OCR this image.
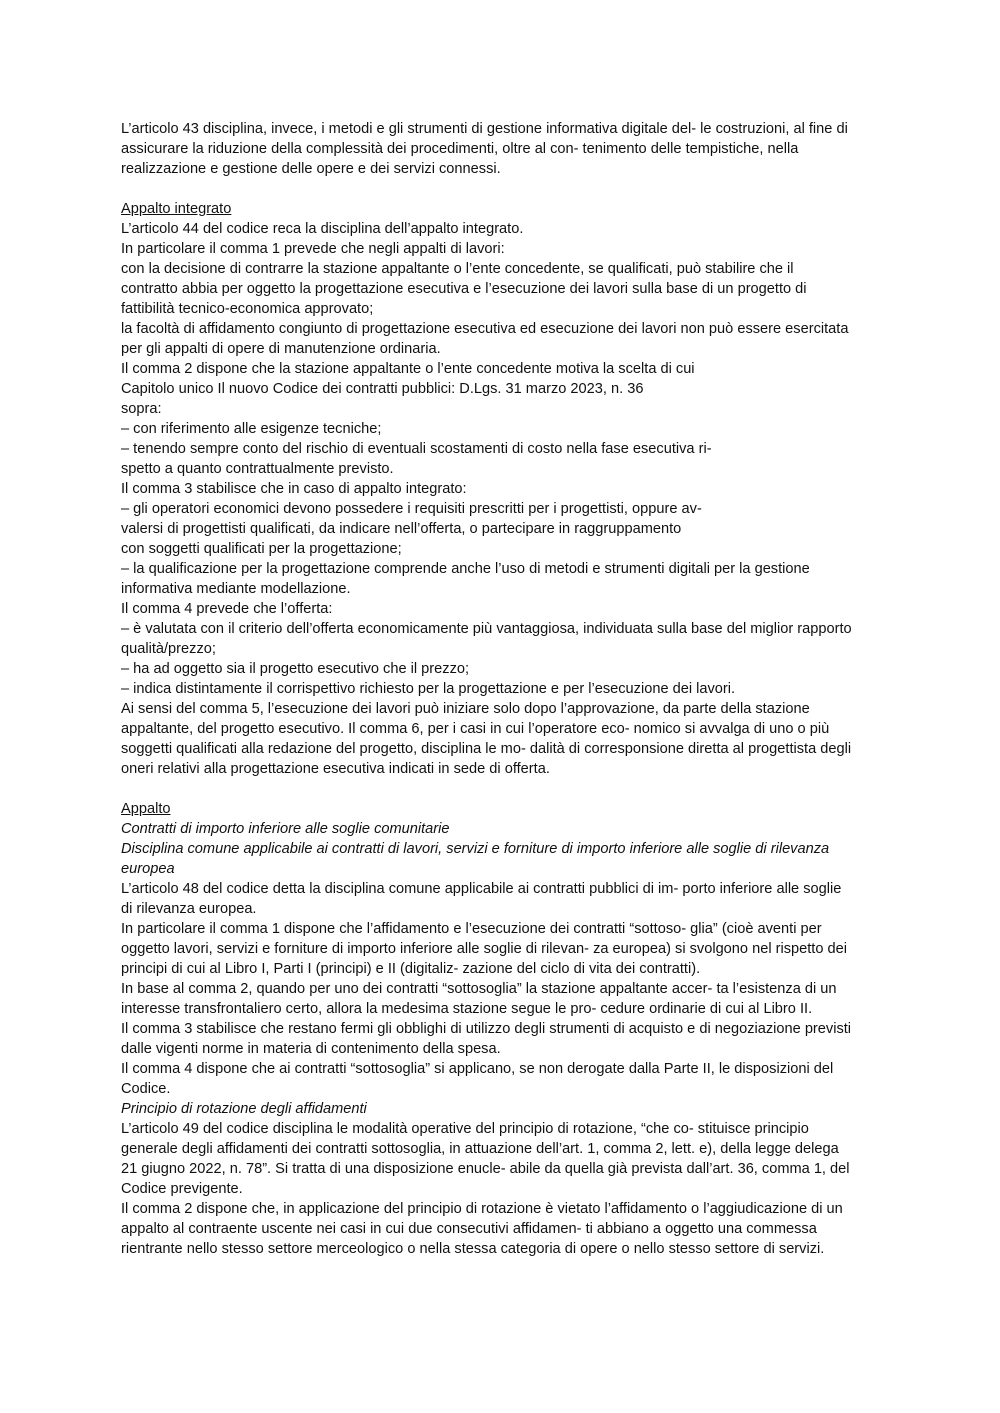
L’articolo 43 disciplina, invece, i metodi e gli strumenti di gestione informativa digitale del- le costruzioni, al fine di
assicurare la riduzione della complessità dei procedimenti, oltre al con- tenimento delle tempistiche, nella
realizzazione e gestione delle opere e dei servizi connessi.
Appalto integrato
L’articolo 44 del codice reca la disciplina dell’appalto integrato.
In particolare il comma 1 prevede che negli appalti di lavori:
con la decisione di contrarre la stazione appaltante o l’ente concedente, se qualificati, può stabilire che il
contratto abbia per oggetto la progettazione esecutiva e l’esecuzione dei lavori sulla base di un progetto di
fattibilità tecnico-economica approvato;
la facoltà di affidamento congiunto di progettazione esecutiva ed esecuzione dei lavori non può essere esercitata
per gli appalti di opere di manutenzione ordinaria.
Il comma 2 dispone che la stazione appaltante o l’ente concedente motiva la scelta di cui
Capitolo unico Il nuovo Codice dei contratti pubblici: D.Lgs. 31 marzo 2023, n. 36
sopra:
– con riferimento alle esigenze tecniche;
– tenendo sempre conto del rischio di eventuali scostamenti di costo nella fase esecutiva ri-
spetto a quanto contrattualmente previsto.
Il comma 3 stabilisce che in caso di appalto integrato:
– gli operatori economici devono possedere i requisiti prescritti per i progettisti, oppure av-
valersi di progettisti qualificati, da indicare nell’offerta, o partecipare in raggruppamento
con soggetti qualificati per la progettazione;
– la qualificazione per la progettazione comprende anche l’uso di metodi e strumenti digitali per la gestione
informativa mediante modellazione.
Il comma 4 prevede che l’offerta:
– è valutata con il criterio dell’offerta economicamente più vantaggiosa, individuata sulla base del miglior rapporto
qualità/prezzo;
– ha ad oggetto sia il progetto esecutivo che il prezzo;
– indica distintamente il corrispettivo richiesto per la progettazione e per l’esecuzione dei lavori.
Ai sensi del comma 5, l’esecuzione dei lavori può iniziare solo dopo l’approvazione, da parte della stazione
appaltante, del progetto esecutivo. Il comma 6, per i casi in cui l’operatore eco- nomico si avvalga di uno o più
soggetti qualificati alla redazione del progetto, disciplina le mo- dalità di corresponsione diretta al progettista degli
oneri relativi alla progettazione esecutiva indicati in sede di offerta.
Appalto
Contratti di importo inferiore alle soglie comunitarie
Disciplina comune applicabile ai contratti di lavori, servizi e forniture di importo inferiore alle soglie di rilevanza
europea
L’articolo 48 del codice detta la disciplina comune applicabile ai contratti pubblici di im- porto inferiore alle soglie
di rilevanza europea.
In particolare il comma 1 dispone che l’affidamento e l’esecuzione dei contratti “sottoso- glia” (cioè aventi per
oggetto lavori, servizi e forniture di importo inferiore alle soglie di rilevan- za europea) si svolgono nel rispetto dei
principi di cui al Libro I, Parti I (principi) e II (digitaliz- zazione del ciclo di vita dei contratti).
In base al comma 2, quando per uno dei contratti “sottosoglia” la stazione appaltante accer- ta l’esistenza di un
interesse transfrontaliero certo, allora la medesima stazione segue le pro- cedure ordinarie di cui al Libro II.
Il comma 3 stabilisce che restano fermi gli obblighi di utilizzo degli strumenti di acquisto e di negoziazione previsti
dalle vigenti norme in materia di contenimento della spesa.
Il comma 4 dispone che ai contratti “sottosoglia” si applicano, se non derogate dalla Parte II, le disposizioni del
Codice.
Principio di rotazione degli affidamenti
L’articolo 49 del codice disciplina le modalità operative del principio di rotazione, “che co- stituisce principio
generale degli affidamenti dei contratti sottosoglia, in attuazione dell’art. 1, comma 2, lett. e), della legge delega
21 giugno 2022, n. 78”. Si tratta di una disposizione enucle- abile da quella già prevista dall’art. 36, comma 1, del
Codice previgente.
Il comma 2 dispone che, in applicazione del principio di rotazione è vietato l’affidamento o l’aggiudicazione di un
appalto al contraente uscente nei casi in cui due consecutivi affidamen- ti abbiano a oggetto una commessa
rientrante nello stesso settore merceologico o nella stessa categoria di opere o nello stesso settore di servizi.
